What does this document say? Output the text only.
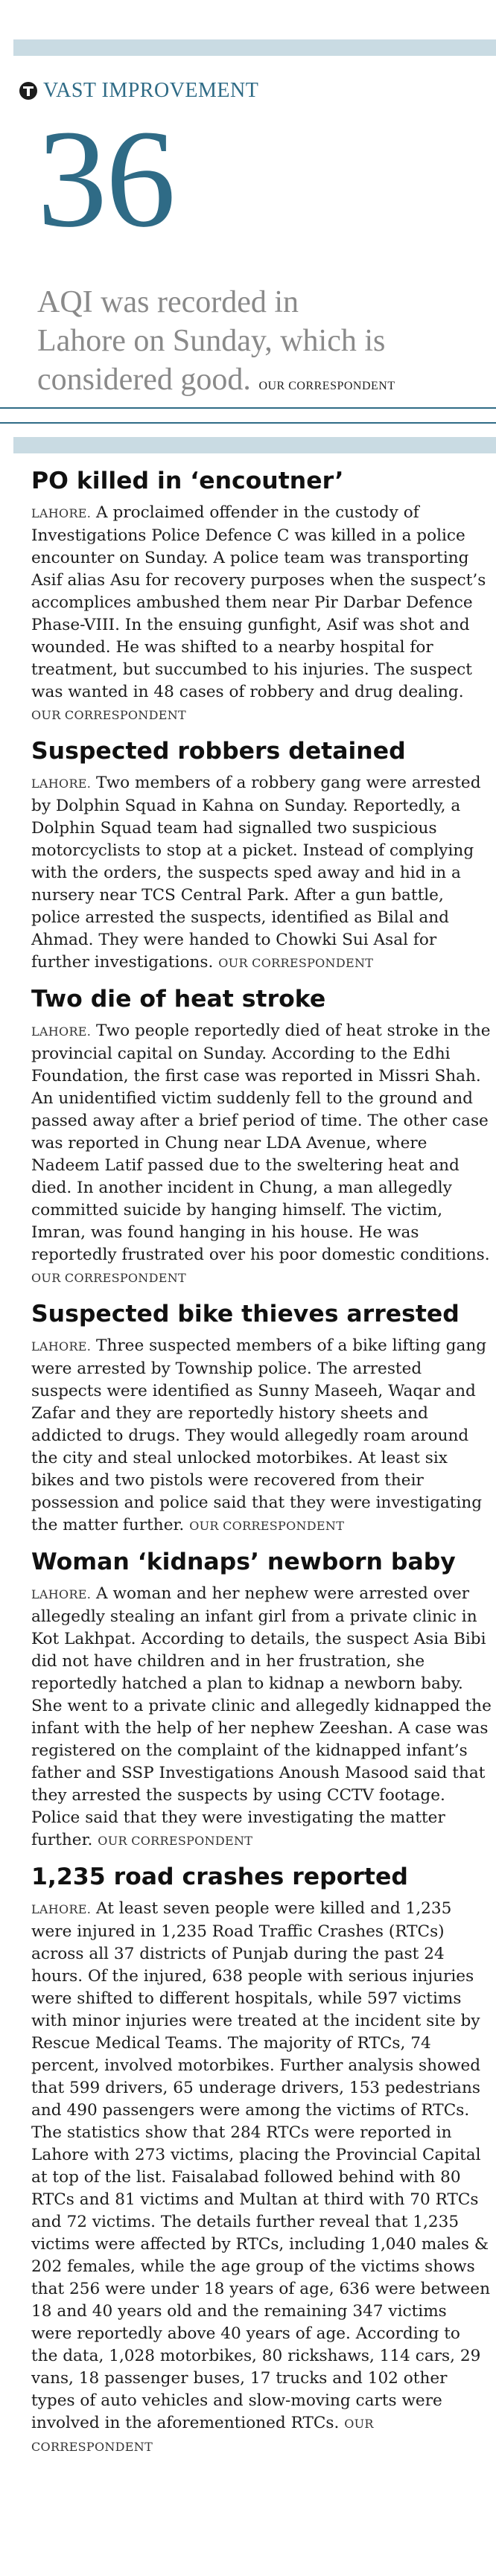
VAST IMPROVEMENT
36
AQI was recorded in
Lahore on Sunday, which is
considered good. OUR CORRESPONDENT
PO killed in ‘encoutner’

LAHORE. A proclaimed offender in the custody of Investigations Police Defence C was killed in a police encounter on Sunday. A police team was transporting Asif alias Asu for recovery purposes when the suspect’s accomplices ambushed them near Pir Darbar Defence Phase-VIII. In the ensuing gunfight, Asif was shot and wounded. He was shifted to a nearby hospital for treatment, but succumbed to his injuries. The suspect was wanted in 48 cases of robbery and drug dealing. OUR CORRESPONDENT

Suspected robbers detained

LAHORE. Two members of a robbery gang were arrested by Dolphin Squad in Kahna on Sunday. Reportedly, a Dolphin Squad team had signalled two suspicious motorcyclists to stop at a picket. Instead of complying with the orders, the suspects sped away and hid in a nursery near TCS Central Park. After a gun battle, police arrested the suspects, identified as Bilal and Ahmad. They were handed to Chowki Sui Asal for further investigations. OUR CORRESPONDENT

Two die of heat stroke

LAHORE. Two people reportedly died of heat stroke in the provincial capital on Sunday. According to the Edhi Foundation, the first case was reported in Missri Shah. An unidentified victim suddenly fell to the ground and passed away after a brief period of time. The other case was reported in Chung near LDA Avenue, where Nadeem Latif passed due to the sweltering heat and died. In another incident in Chung, a man allegedly committed suicide by hanging himself. The victim, Imran, was found hanging in his house. He was reportedly frustrated over his poor domestic conditions. OUR CORRESPONDENT

Suspected bike thieves arrested

LAHORE. Three suspected members of a bike lifting gang were arrested by Township police. The arrested suspects were identified as Sunny Maseeh, Waqar and Zafar and they are reportedly history sheets and addicted to drugs. They would allegedly roam around the city and steal unlocked motorbikes. At least six bikes and two pistols were recovered from their possession and police said that they were investigating the matter further. OUR CORRESPONDENT

Woman ‘kidnaps’ newborn baby

LAHORE. A woman and her nephew were arrested over allegedly stealing an infant girl from a private clinic in Kot Lakhpat. According to details, the suspect Asia Bibi did not have children and in her frustration, she reportedly hatched a plan to kidnap a newborn baby. She went to a private clinic and allegedly kidnapped the infant with the help of her nephew Zeeshan. A case was registered on the complaint of the kidnapped infant’s father and SSP Investigations Anoush Masood said that they arrested the suspects by using CCTV footage. Police said that they were investigating the matter further. OUR CORRESPONDENT

1,235 road crashes reported

LAHORE. At least seven people were killed and 1,235 were injured in 1,235 Road Traffic Crashes (RTCs) across all 37 districts of Punjab during the past 24 hours. Of the injured, 638 people with serious injuries were shifted to different hospitals, while 597 victims with minor injuries were treated at the incident site by Rescue Medical Teams. The majority of RTCs, 74 percent, involved motorbikes. Further analysis showed that 599 drivers, 65 underage drivers, 153 pedestrians and 490 passengers were among the victims of RTCs. The statistics show that 284 RTCs were reported in Lahore with 273 victims, placing the Provincial Capital at top of the list. Faisalabad followed behind with 80 RTCs and 81 victims and Multan at third with 70 RTCs and 72 victims. The details further reveal that 1,235 victims were affected by RTCs, including 1,040 males & 202 females, while the age group of the victims shows that 256 were under 18 years of age, 636 were between 18 and 40 years old and the remaining 347 victims were reportedly above 40 years of age. According to the data, 1,028 motorbikes, 80 rickshaws, 114 cars, 29 vans, 18 passenger buses, 17 trucks and 102 other types of auto vehicles and slow-moving carts were involved in the aforementioned RTCs. OUR CORRESPONDENT
